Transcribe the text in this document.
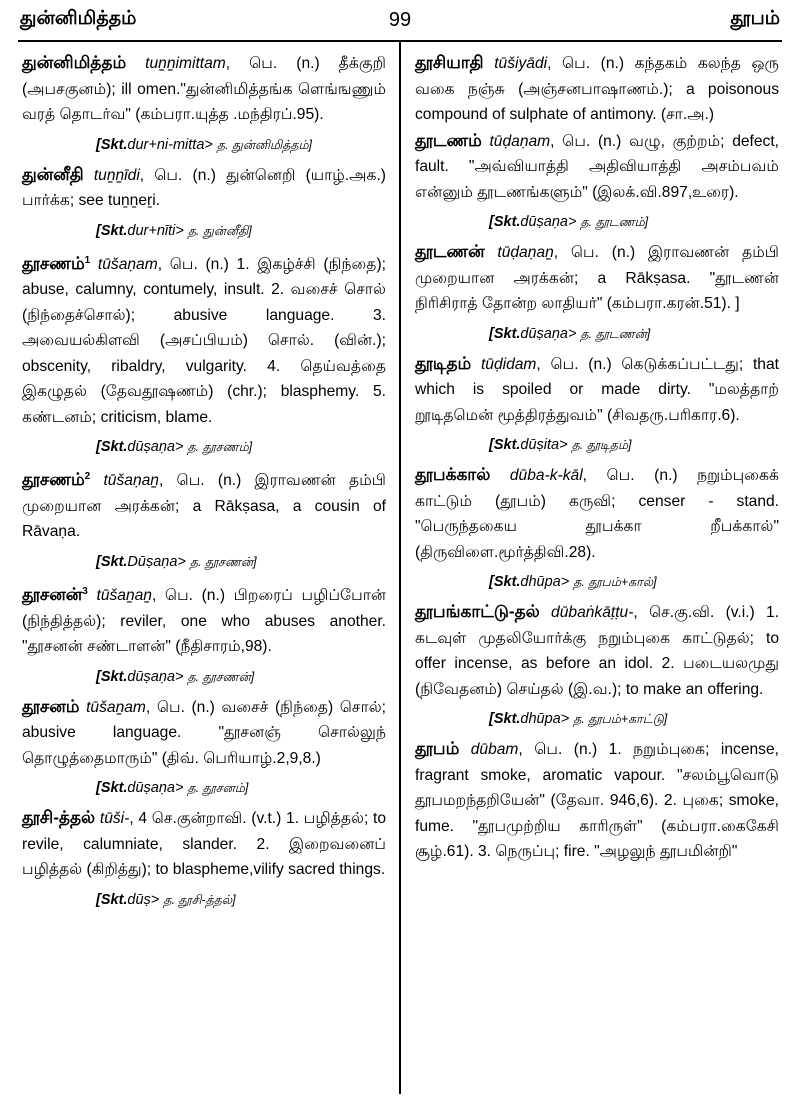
துன்னிமித்தம்	99	தூபம்
துன்னிமித்தம் tuṉṉimittam, பெ. (n.) தீக்குறி (அபசகுனம்); ill omen."துன்னிமித்தங்க ளெங்ஙணும் வரத் தொடர்வ" (கம்பரா.யுத்த .மந்திரப்.95).
[Skt.dur+ni-mitta> த. துன்னிமித்தம்]
துன்னீதி tuṉṉīdi, பெ. (n.) துன்னெறி (யாழ்.அக.) பார்க்க; see tuṉṉeṟi.
[Skt.dur+nīti> த. துன்னீதி]
தூசணம்$^1$ tūšaṇam, பெ. (n.) 1. இகழ்ச்சி (நிந்தை); abuse, calumny, contumely, insult. 2. வசைச் சொல் (நிந்தைச்சொல்); abusive language. 3. அவையல்கிளவி (அசப்பியம்) சொல். (வின்.); obscenity, ribaldry, vulgarity. 4. தெய்வத்தை இகழுதல் (தேவதூஷணம்) (chr.); blasphemy. 5. கண்டனம்; criticism, blame.
[Skt.dūṣaṇa> த. தூசணம்]
தூசணம்$^2$ tūšaṇaṉ, பெ. (n.) இராவணன் தம்பி முறையான அரக்கன்; a Rākṣasa, a cousin of Rāvaṇa.
[Skt.Dūṣaṇa> த. தூசணன்]
தூசனன்$^3$ tūšaṉaṉ, பெ. (n.) பிறரைப் பழிப்போன் (நிந்தித்தல்); reviler, one who abuses another. "தூசனன் சண்டாளன்" (நீதிசாரம்,98).
[Skt.dūṣaṇa> த. தூசணன்]
தூசனம் tūšaṉam, பெ. (n.) வசைச் (நிந்தை) சொல்; abusive language. "தூசனஞ் சொல்லுந் தொழுத்தைமாரும்" (திவ். பெரியாழ்.2,9,8.)
[Skt.dūṣaṇa> த. தூசனம்]
தூசி-த்தல் tūši-, 4 செ.குன்றாவி. (v.t.) 1. பழித்தல்; to revile, calumniate, slander. 2. இறைவனைப் பழித்தல் (கிறித்து); to blaspheme,vilify sacred things.
[Skt.dūṣ> த. தூசி-த்தல்]
தூசியாதி tūšiyādi, பெ. (n.) கந்தகம் கலந்த ஒரு வகை நஞ்சு (அஞ்சனபாஷாணம்.); a poisonous compound of sulphate of antimony. (சா.அ.)
தூடணம் tūḍaṇam, பெ. (n.) வழு, குற்றம்; defect, fault. "அவ்வியாத்தி அதிவியாத்தி அசம்பவம் என்னும் தூடணங்களும்" (இலக்.வி.897,உரை).
[Skt.dūṣaṇa> த. தூடணம்]
தூடணன் tūḍaṇaṉ, பெ. (n.) இராவணன் தம்பி முறையான அரக்கன்; a Rākṣasa. "தூடணன் நிரிசிராத் தோன்ற லாதியர்" (கம்பரா.கரன்.51). ]
[Skt.dūṣaṇa> த. தூடணன்]
தூடிதம் tūḍidam, பெ. (n.) கெடுக்கப்பட்டது; that which is spoiled or made dirty. "மலத்தாற் றூடிதமென் மூத்திரத்துவம்" (சிவதரு.பரிகார.6).
[Skt.dūṣita> த. தூடிதம்]
தூபக்கால் dūba-k-kāl, பெ. (n.) நறும்புகைக் காட்டும் (தூபம்) கருவி; censer - stand. "பெருந்தகைய தூபக்கா றீபக்கால்" (திருவிளை.மூர்த்திவி.28).
[Skt.dhūpa> த. தூபம்+கால்]
தூபங்காட்டு-தல் dūbaṅkāṭṭu-, செ.கு.வி. (v.i.) 1. கடவுள் முதலியோர்க்கு நறும்புகை காட்டுதல்; to offer incense, as before an idol. 2. படையலமுது (நிவேதனம்) செய்தல் (இ.வ.); to make an offering.
[Skt.dhūpa> த. தூபம்+காட்டு]
தூபம் dūbam, பெ. (n.) 1. நறும்புகை; incense, fragrant smoke, aromatic vapour. "சலம்பூவொடு தூபமறந்தறியேன்" (தேவா. 946,6). 2. புகை; smoke, fume. "தூபமுற்றிய காரிருள்" (கம்பரா.கைகேசி சூழ்.61). 3. நெருப்பு; fire. "அழலுந் தூபமின்றி"
